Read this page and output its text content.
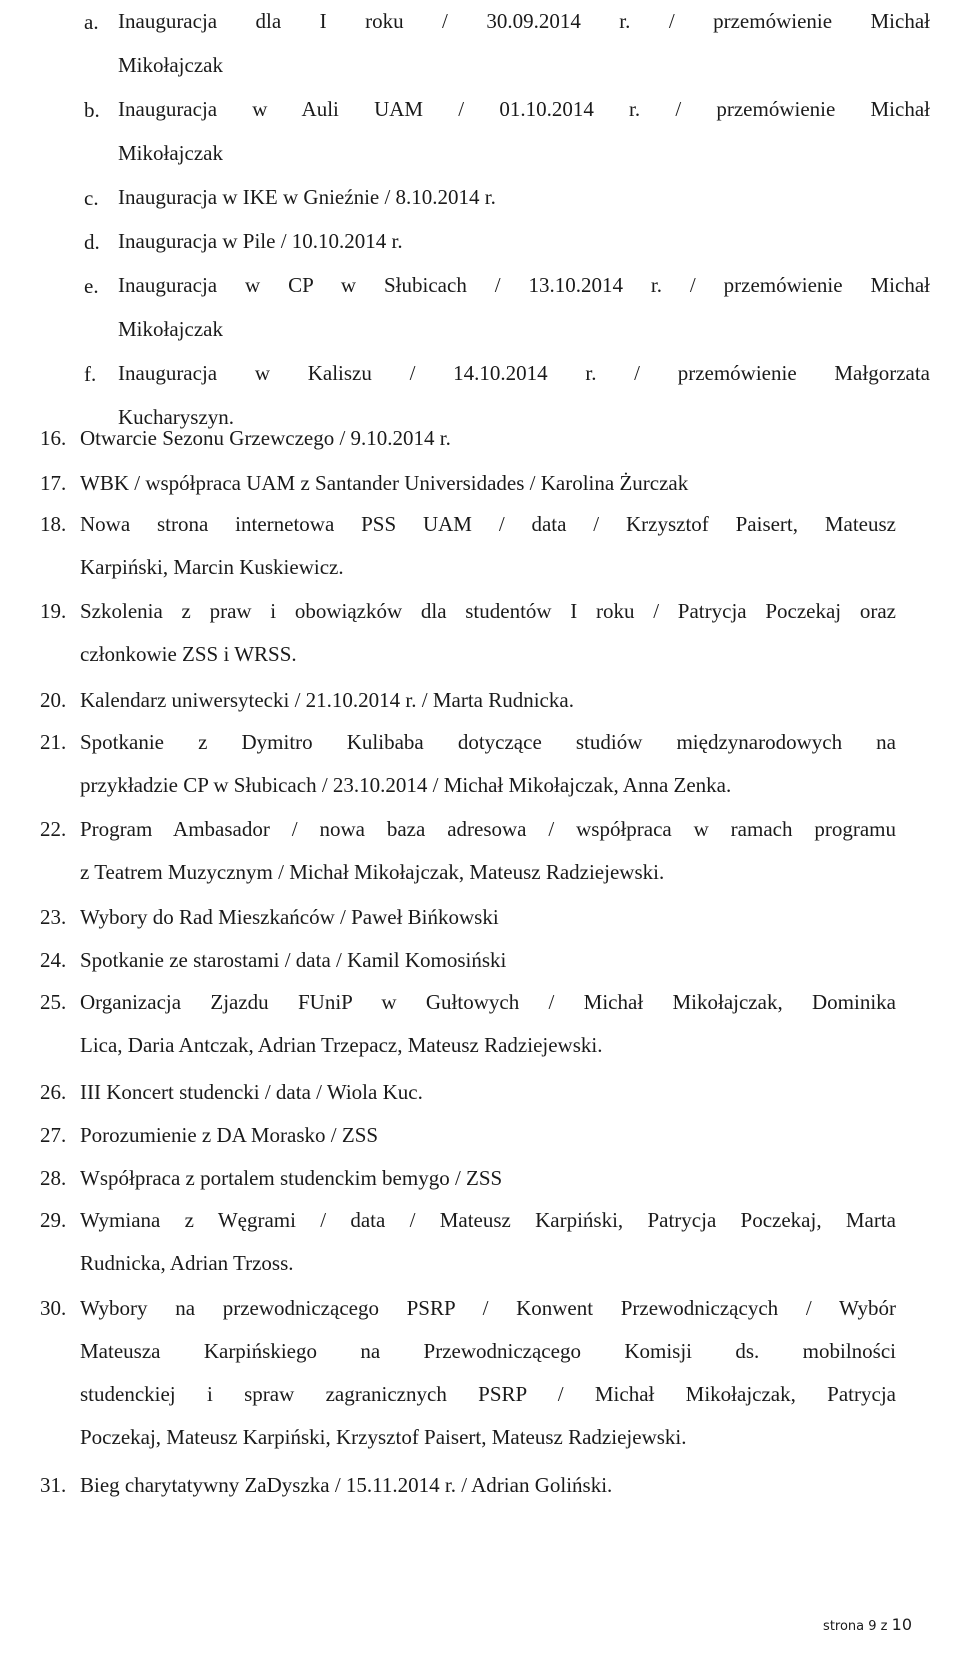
a. Inauguracja dla I roku / 30.09.2014 r. / przemówienie Michał
Mikołajczak
b. Inauguracja w Auli UAM / 01.10.2014 r. / przemówienie Michał
Mikołajczak
c. Inauguracja w IKE w Gnieźnie / 8.10.2014 r.
d. Inauguracja w Pile / 10.10.2014 r.
e. Inauguracja w CP w Słubicach / 13.10.2014 r. / przemówienie Michał
Mikołajczak
f. Inauguracja w Kaliszu / 14.10.2014 r. / przemówienie Małgorzata
Kucharyszyn.
16. Otwarcie Sezonu Grzewczego / 9.10.2014 r.
17. WBK / współpraca UAM z Santander Universidades / Karolina Żurczak
18. Nowa strona internetowa PSS UAM / data / Krzysztof Paisert, Mateusz
Karpiński, Marcin Kuskiewicz.
19. Szkolenia z praw i obowiązków dla studentów I roku / Patrycja Poczekaj oraz
członkowie ZSS i WRSS.
20. Kalendarz uniwersytecki / 21.10.2014 r. / Marta Rudnicka.
21. Spotkanie z Dymitro Kulibaba dotyczące studiów międzynarodowych na
przykładzie CP w Słubicach / 23.10.2014 / Michał Mikołajczak, Anna Zenka.
22. Program Ambasador / nowa baza adresowa / współpraca w ramach programu
z Teatrem Muzycznym / Michał Mikołajczak, Mateusz Radziejewski.
23. Wybory do Rad Mieszkańców / Paweł Bińkowski
24. Spotkanie ze starostami / data / Kamil Komosiński
25. Organizacja Zjazdu FUniP w Gułtowych / Michał Mikołajczak, Dominika
Lica, Daria Antczak, Adrian Trzepacz, Mateusz Radziejewski.
26. III Koncert studencki / data / Wiola Kuc.
27. Porozumienie z DA Morasko / ZSS
28. Współpraca z portalem studenckim bemygo / ZSS
29. Wymiana z Węgrami / data / Mateusz Karpiński, Patrycja Poczekaj, Marta
Rudnicka, Adrian Trzoss.
30. Wybory na przewodniczącego PSRP / Konwent Przewodniczących / Wybór
Mateusza Karpińskiego na Przewodniczącego Komisji ds. mobilności
studenckiej i spraw zagranicznych PSRP / Michał Mikołajczak, Patrycja
Poczekaj, Mateusz Karpiński, Krzysztof Paisert, Mateusz Radziejewski.
31. Bieg charytatywny ZaDyszka / 15.11.2014 r. / Adrian Goliński.
strona 9 z 10
